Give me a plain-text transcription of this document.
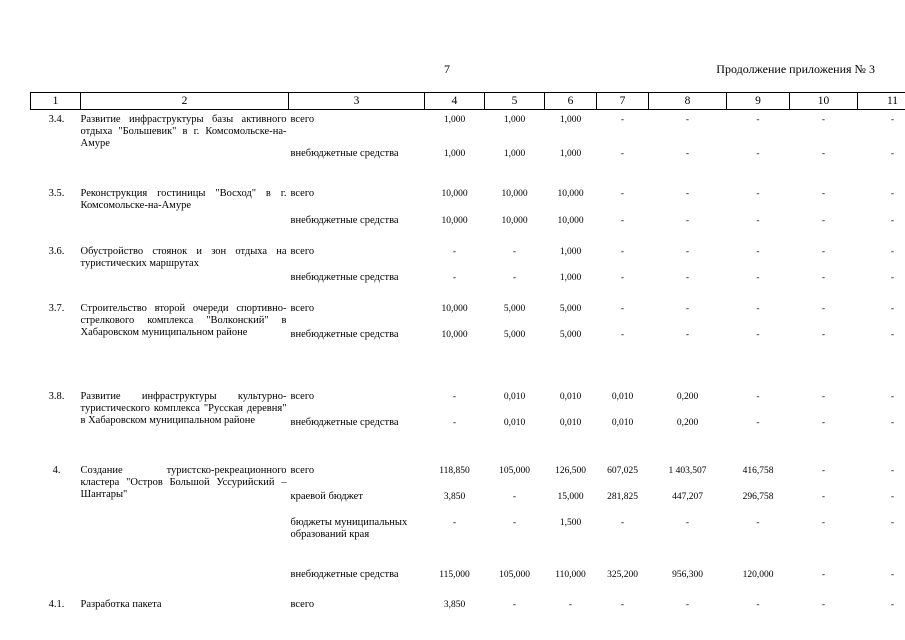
7	Продолжение приложения № 3
1	2	3	4	5	6	7	8	9	10	11
3.4.	Развитие инфраструктуры базы активного отдыха "Большевик" в г. Комсомольске-на-Амуре	всего	1,000	1,000	1,000	-	-	-	-	-
		внебюджетные средства	1,000	1,000	1,000	-	-	-	-	-
3.5.	Реконструкция гостиницы "Восход" в г. Комсомольске-на-Амуре	всего	10,000	10,000	10,000	-	-	-	-	-
		внебюджетные средства	10,000	10,000	10,000	-	-	-	-	-
3.6.	Обустройство стоянок и зон отдыха на туристических маршрутах	всего	-	-	1,000	-	-	-	-	-
		внебюджетные средства	-	-	1,000	-	-	-	-	-
3.7.	Строительство второй очереди спортивно-стрелкового комплекса "Волконский" в Хабаровском муниципальном районе	всего	10,000	5,000	5,000	-	-	-	-	-
		внебюджетные средства	10,000	5,000	5,000	-	-	-	-	-
3.8.	Развитие инфраструктуры культурно-туристического комплекса "Русская деревня" в Хабаровском муниципальном районе	всего	-	0,010	0,010	0,010	0,200	-	-	-
		внебюджетные средства	-	0,010	0,010	0,010	0,200	-	-	-
4.	Создание туристско-рекреационного кластера "Остров Большой Уссурийский – Шантары"	всего	118,850	105,000	126,500	607,025	1 403,507	416,758	-	-
		краевой бюджет	3,850	-	15,000	281,825	447,207	296,758	-	-
		бюджеты муниципальных образований края	-	-	1,500	-	-	-	-	-
		внебюджетные средства	115,000	105,000	110,000	325,200	956,300	120,000	-	-
4.1.	Разработка пакета	всего	3,850	-	-	-	-	-	-	-
